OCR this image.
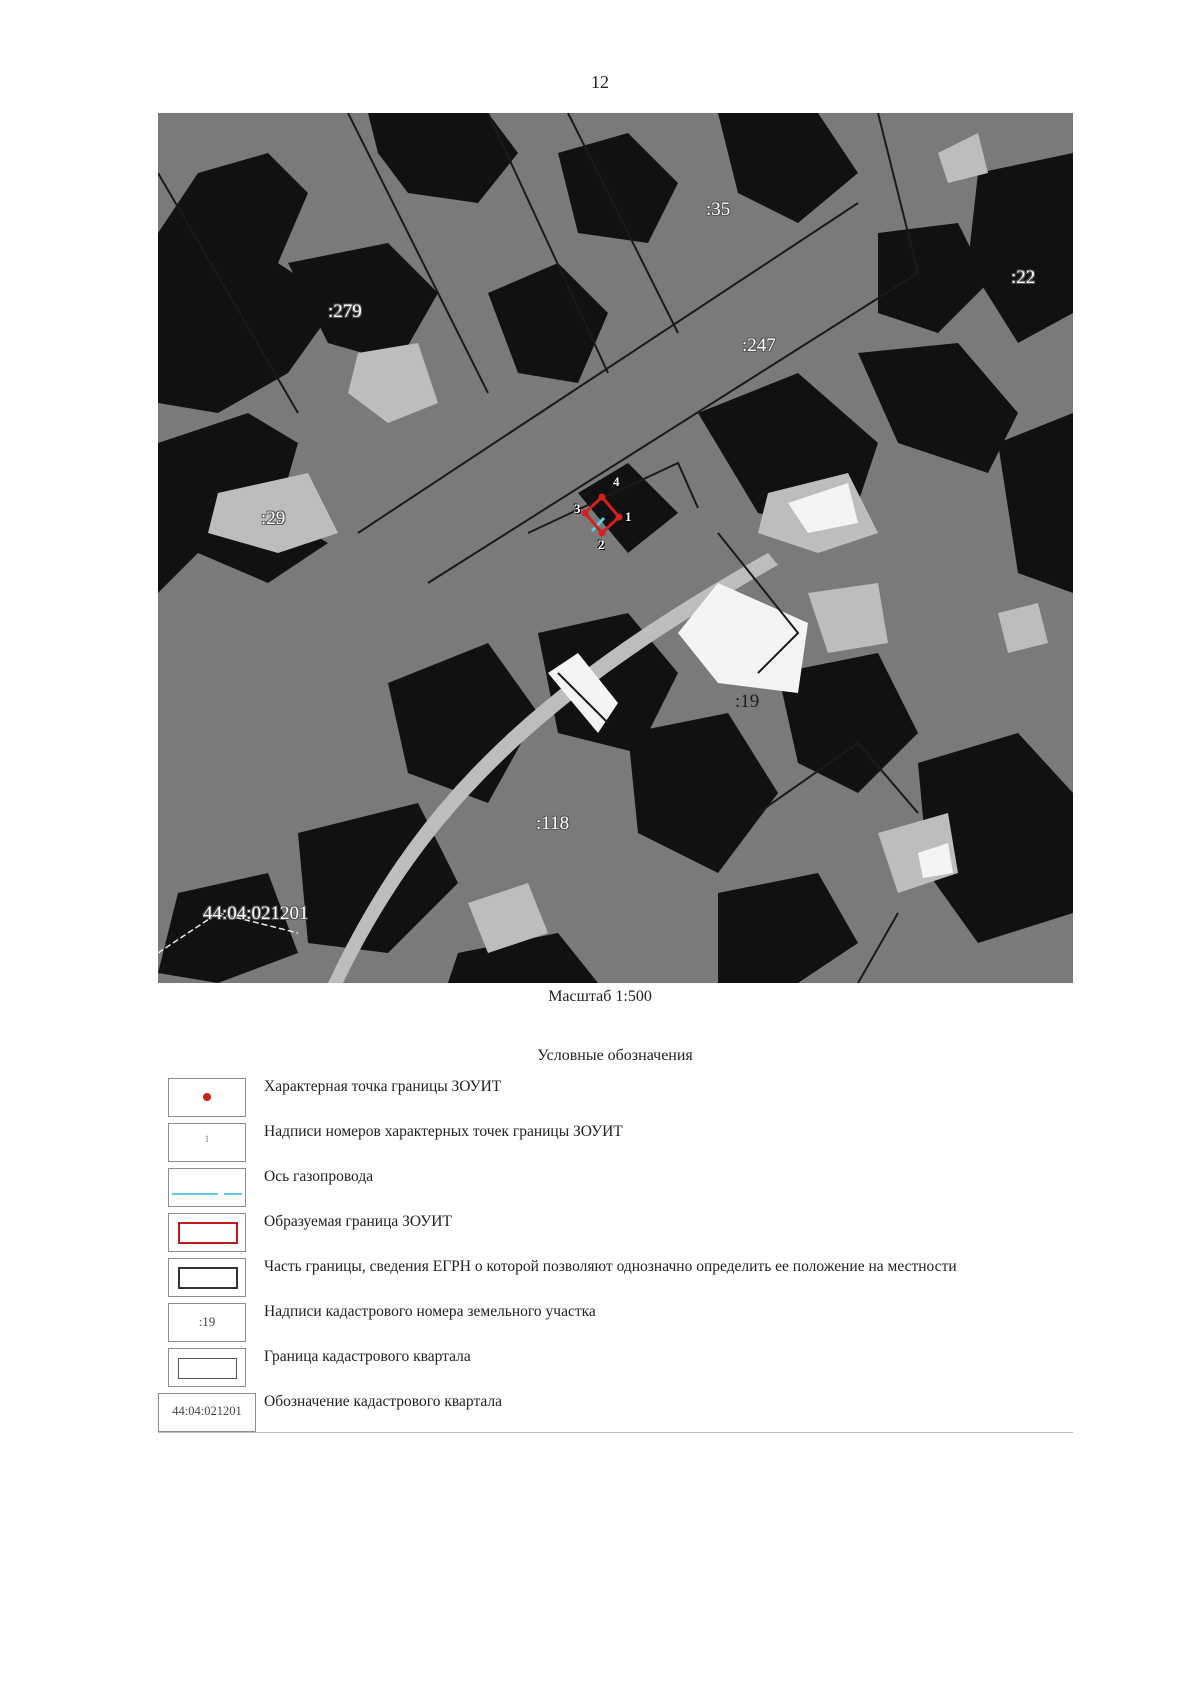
12
:35
:22
:279
:247
:29
:19
:118
44:04:021201
1
2
3
4
Масштаб 1:500
Условные обозначения
Характерная точка границы ЗОУИТ
1	Надписи номеров характерных точек границы ЗОУИТ
Ось газопровода
Образуемая граница ЗОУИТ
Часть границы, сведения ЕГРН о которой позволяют однозначно определить ее положение на местности
:19
Надписи кадастрового номера земельного участка
Граница кадастрового квартала
44:04:021201
Обозначение кадастрового квартала
